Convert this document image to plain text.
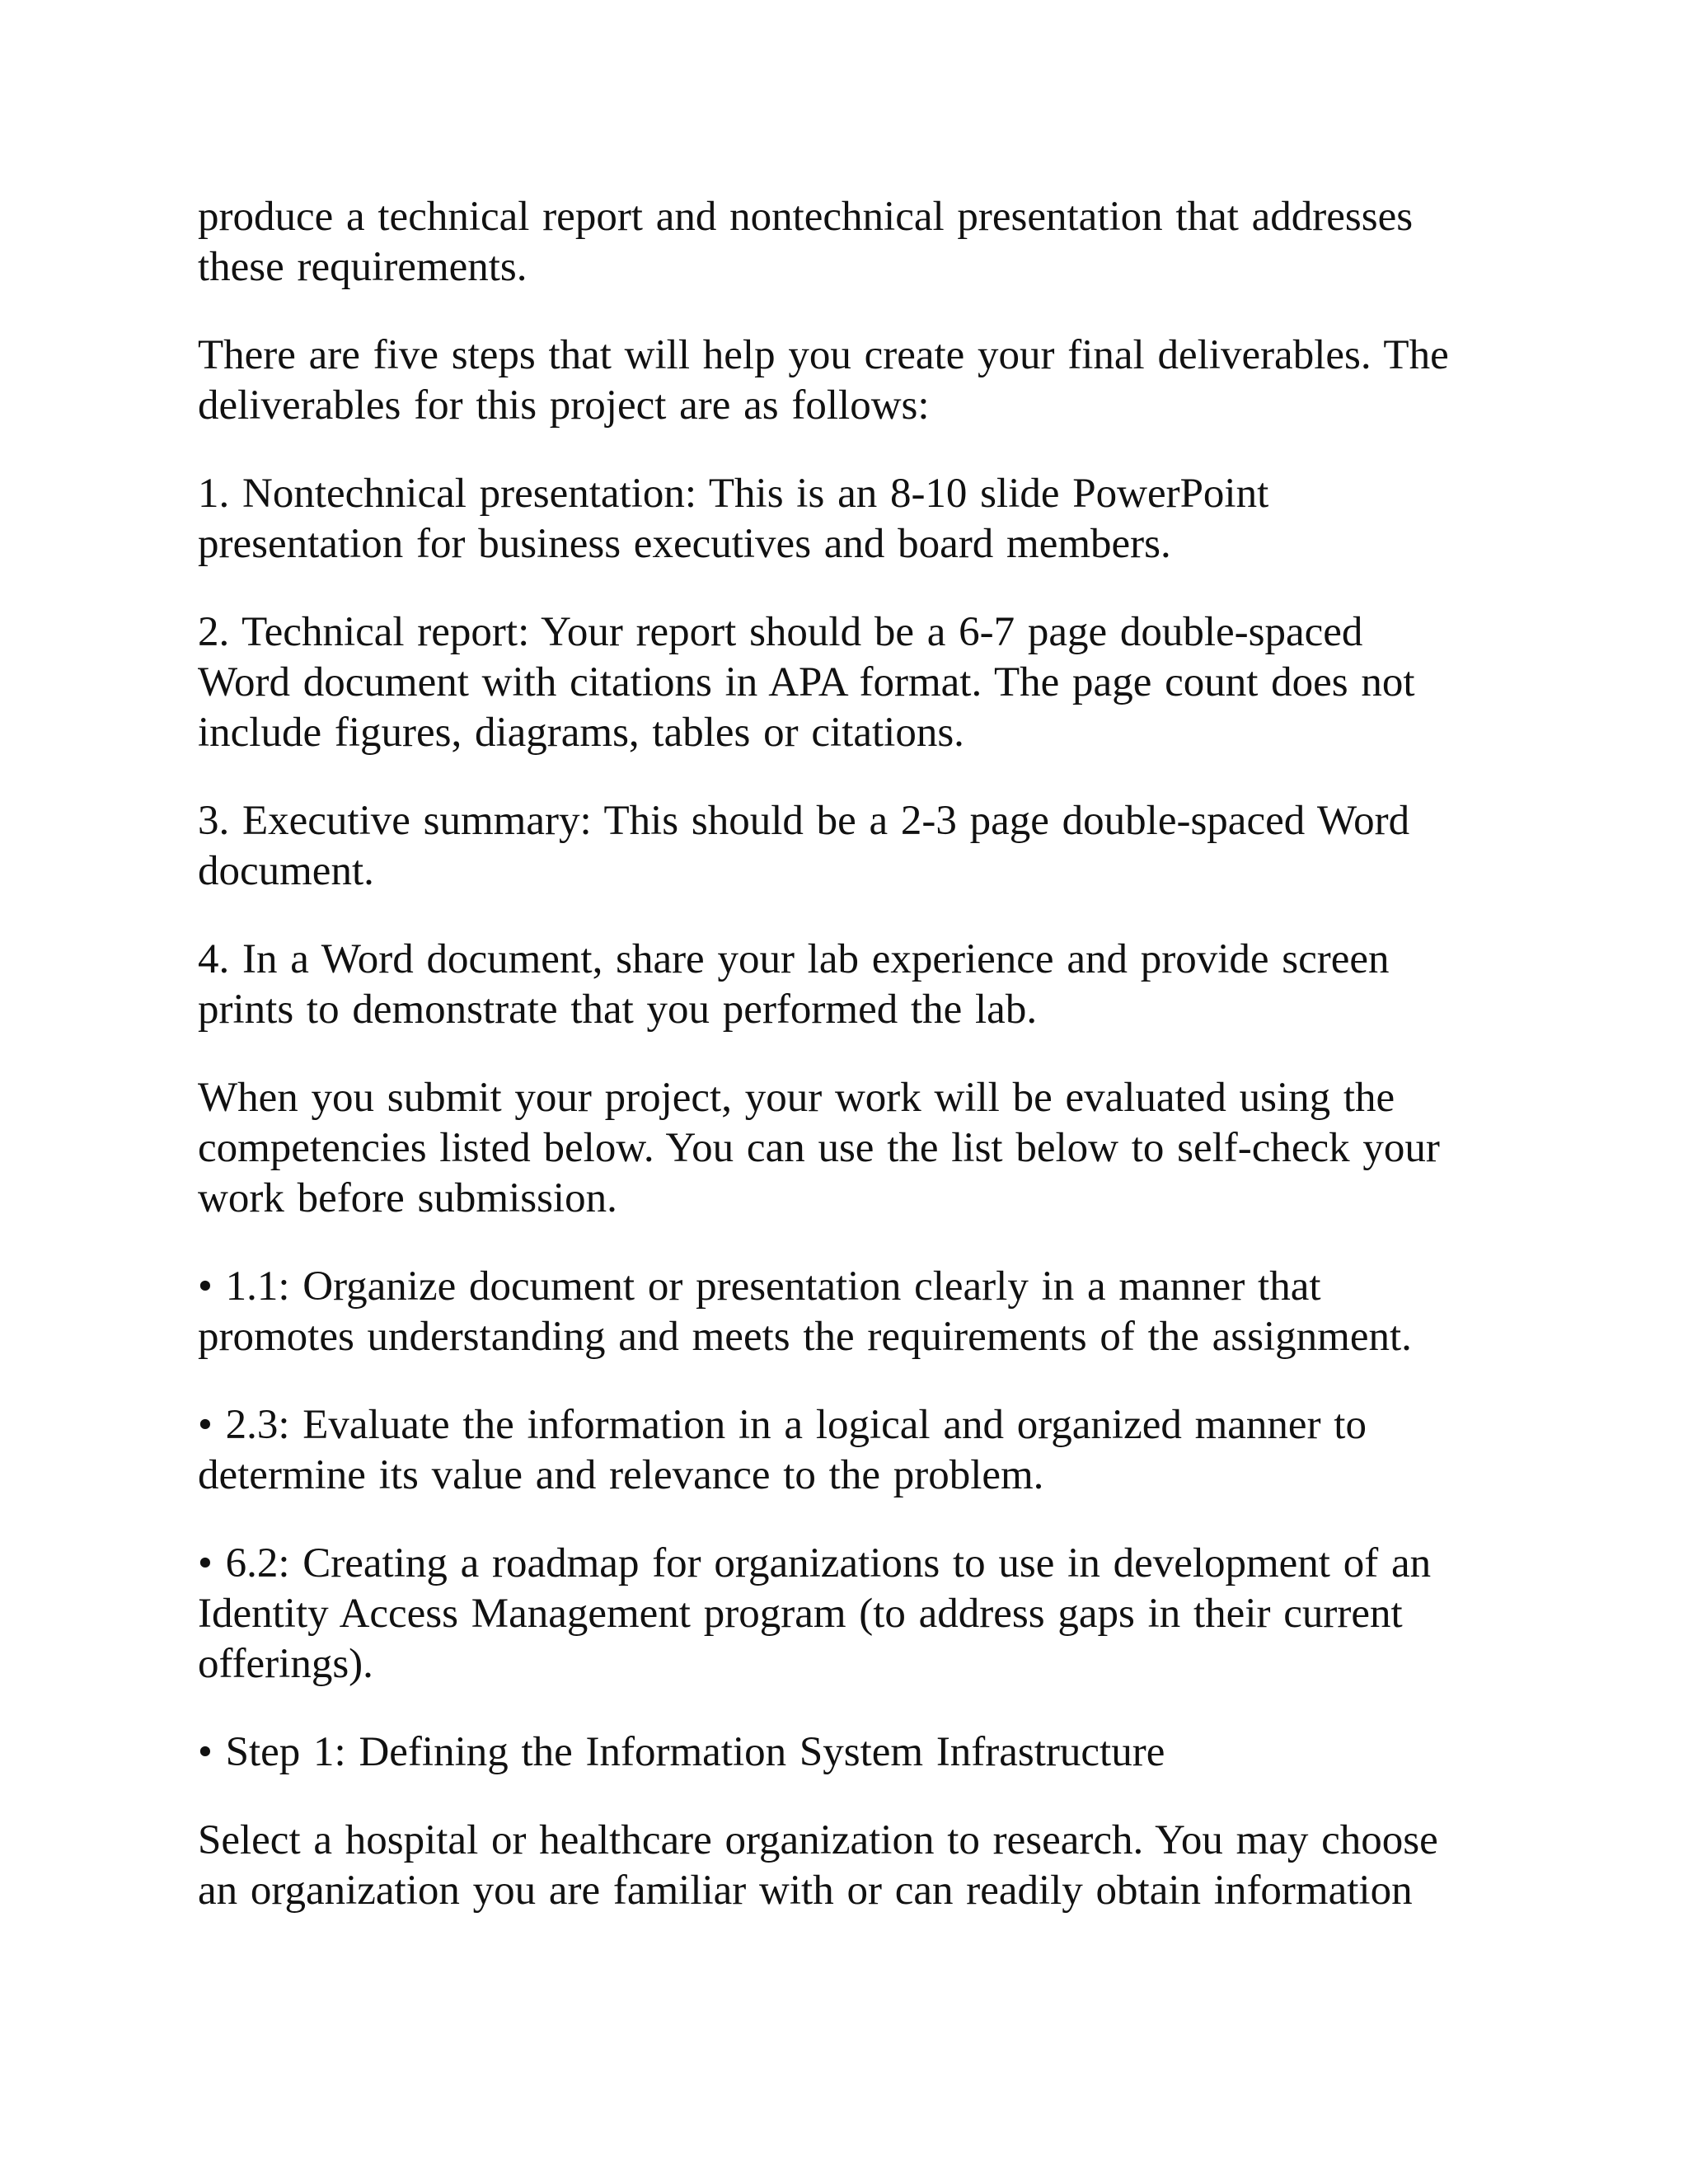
produce a technical report and nontechnical presentation that addresses
these requirements.

There are five steps that will help you create your final deliverables. The
deliverables for this project are as follows:

1. Nontechnical presentation: This is an 8-10 slide PowerPoint
presentation for business executives and board members.

2. Technical report: Your report should be a 6-7 page double-spaced
Word document with citations in APA format. The page count does not
include figures, diagrams, tables or citations.

3. Executive summary: This should be a 2-3 page double-spaced Word
document.

4. In a Word document, share your lab experience and provide screen
prints to demonstrate that you performed the lab.

When you submit your project, your work will be evaluated using the
competencies listed below. You can use the list below to self-check your
work before submission.

• 1.1: Organize document or presentation clearly in a manner that
promotes understanding and meets the requirements of the assignment.

• 2.3: Evaluate the information in a logical and organized manner to
determine its value and relevance to the problem.

• 6.2: Creating a roadmap for organizations to use in development of an
Identity Access Management program (to address gaps in their current
offerings).

• Step 1: Defining the Information System Infrastructure

Select a hospital or healthcare organization to research. You may choose
an organization you are familiar with or can readily obtain information
